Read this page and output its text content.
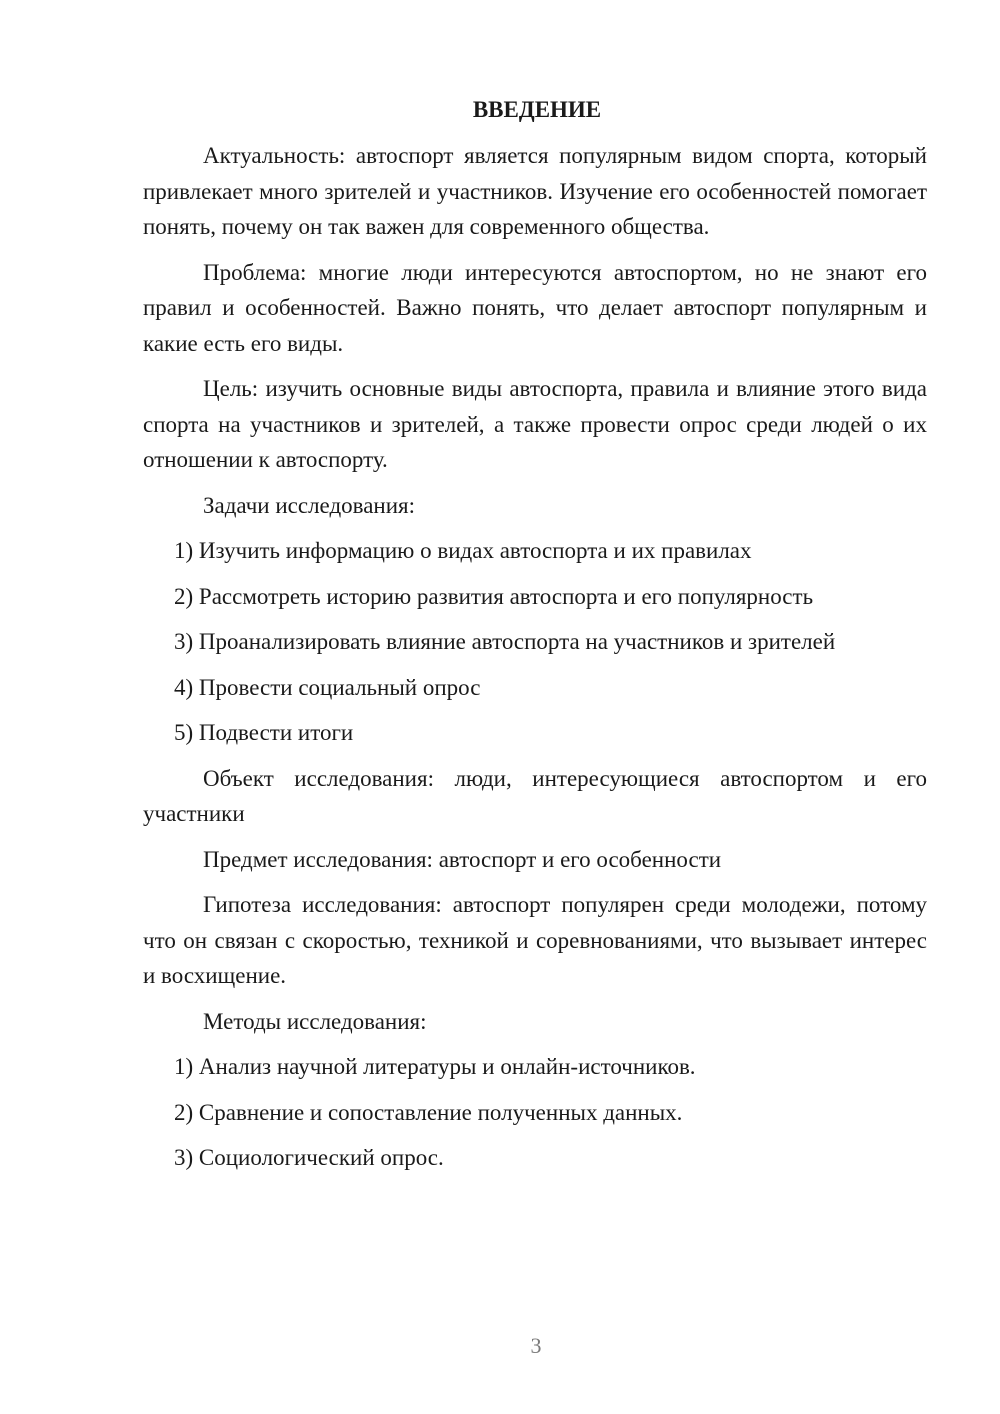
ВВЕДЕНИЕ

Актуальность: автоспорт является популярным видом спорта, который привлекает много зрителей и участников. Изучение его особенностей помогает понять, почему он так важен для современного общества.

Проблема: многие люди интересуются автоспортом, но не знают его правил и особенностей. Важно понять, что делает автоспорт популярным и какие есть его виды.

Цель: изучить основные виды автоспорта, правила и влияние этого вида спорта на участников и зрителей, а также провести опрос среди людей о их отношении к автоспорту.

Задачи исследования:

1) Изучить информацию о видах автоспорта и их правилах
2) Рассмотреть историю развития автоспорта и его популярность
3) Проанализировать влияние автоспорта на участников и зрителей
4) Провести социальный опрос
5) Подвести итоги

Объект исследования: люди, интересующиеся автоспортом и его участники

Предмет исследования: автоспорт и его особенности

Гипотеза исследования: автоспорт популярен среди молодежи, потому что он связан с скоростью, техникой и соревнованиями, что вызывает интерес и восхищение.

Методы исследования:

1) Анализ научной литературы и онлайн-источников.
2) Сравнение и сопоставление полученных данных.
3) Социологический опрос.
3
